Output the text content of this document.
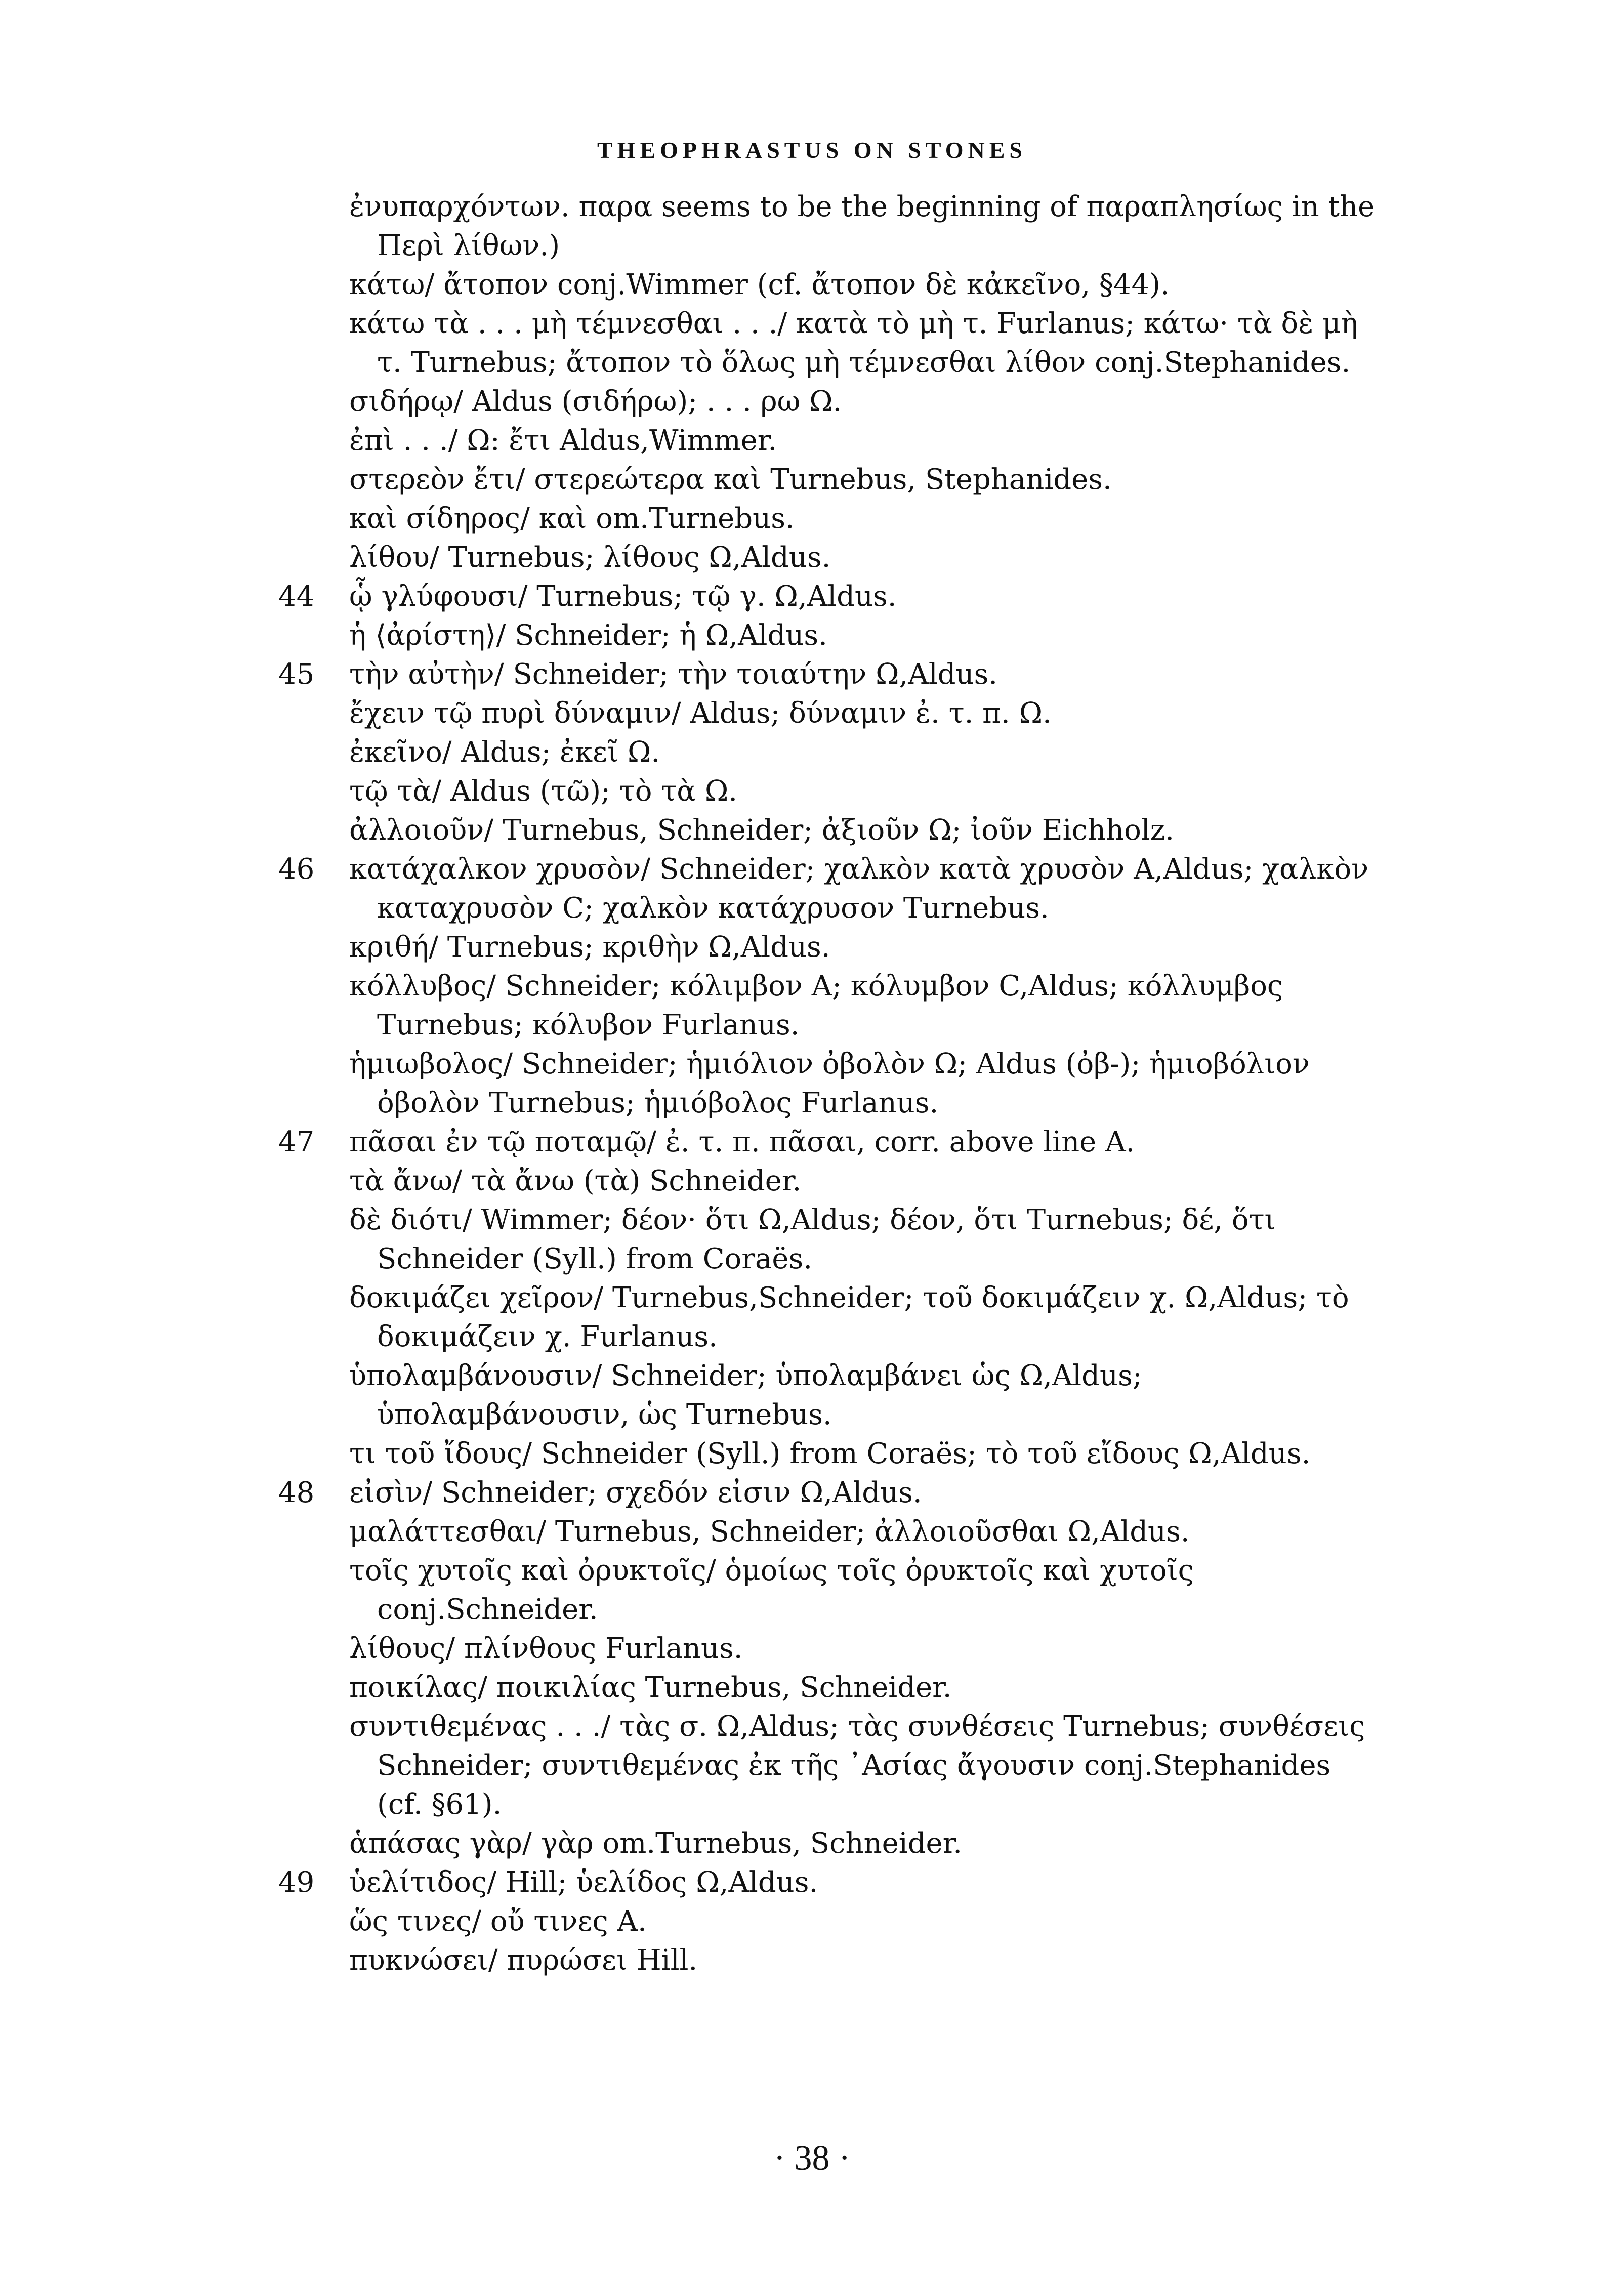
THEOPHRASTUS ON STONES
ἐνυπαρχόντων. παρα seems to be the beginning of παραπλησίως in the Περὶ λίθων.)
κάτω/ ἄτοπον conj.Wimmer (cf. ἄτοπον δὲ κἀκεῖνο, §44).
κάτω τὰ . . . μὴ τέμνεσθαι . . ./ κατὰ τὸ μὴ τ. Furlanus; κάτω· τὰ δὲ μὴ τ. Turnebus; ἄτοπον τὸ ὅλως μὴ τέμνεσθαι λίθον conj.Stephanides.
σιδήρῳ/ Aldus (σιδήρω); . . . ρω Ω.
ἐπὶ . . ./ Ω: ἔτι Aldus,Wimmer.
στερεὸν ἔτι/ στερεώτερα καὶ Turnebus, Stephanides.
καὶ σίδηρος/ καὶ om.Turnebus.
λίθου/ Turnebus; λίθους Ω,Aldus.
44 ᾧ γλύφουσι/ Turnebus; τῷ γ. Ω,Aldus.
ἡ ⟨ἀρίστη⟩/ Schneider; ἡ Ω,Aldus.
45 τὴν αὐτὴν/ Schneider; τὴν τοιαύτην Ω,Aldus.
ἔχειν τῷ πυρὶ δύναμιν/ Aldus; δύναμιν ἐ. τ. π. Ω.
ἐκεῖνο/ Aldus; ἐκεῖ Ω.
τῷ τὰ/ Aldus (τῶ); τὸ τὰ Ω.
ἀλλοιοῦν/ Turnebus, Schneider; ἀξιοῦν Ω; ἰοῦν Eichholz.
46 κατάχαλκον χρυσὸν/ Schneider; χαλκὸν κατὰ χρυσὸν A,Aldus; χαλκὸν καταχρυσὸν C; χαλκὸν κατάχρυσον Turnebus.
κριθή/ Turnebus; κριθὴν Ω,Aldus.
κόλλυβος/ Schneider; κόλιμβον A; κόλυμβον C,Aldus; κόλλυμβος Turnebus; κόλυβον Furlanus.
ἡμιωβολος/ Schneider; ἡμιόλιον ὀβολὸν Ω; Aldus (ὀβ-); ἡμιοβόλιον ὀβολὸν Turnebus; ἡμιόβολος Furlanus.
47 πᾶσαι ἐν τῷ ποταμῷ/ ἐ. τ. π. πᾶσαι, corr. above line A.
τὰ ἄνω/ τὰ ἄνω (τὰ) Schneider.
δὲ διότι/ Wimmer; δέον· ὅτι Ω,Aldus; δέον, ὅτι Turnebus; δέ, ὅτι Schneider (Syll.) from Coraës.
δοκιμάζει χεῖρον/ Turnebus,Schneider; τοῦ δοκιμάζειν χ. Ω,Aldus; τὸ δοκιμάζειν χ. Furlanus.
ὑπολαμβάνουσιν/ Schneider; ὑπολαμβάνει ὡς Ω,Aldus; ὑπολαμβάνουσιν, ὡς Turnebus.
τι τοῦ ἴδους/ Schneider (Syll.) from Coraës; τὸ τοῦ εἴδους Ω,Aldus.
48 εἰσὶν/ Schneider; σχεδόν εἰσιν Ω,Aldus.
μαλάττεσθαι/ Turnebus, Schneider; ἀλλοιοῦσθαι Ω,Aldus.
τοῖς χυτοῖς καὶ ὀρυκτοῖς/ ὁμοίως τοῖς ὀρυκτοῖς καὶ χυτοῖς conj.Schneider.
λίθους/ πλίνθους Furlanus.
ποικίλας/ ποικιλίας Turnebus, Schneider.
συντιθεμένας . . ./ τὰς σ. Ω,Aldus; τὰς συνθέσεις Turnebus; συνθέσεις Schneider; συντιθεμένας ἐκ τῆς ᾽Ασίας ἄγουσιν conj.Stephanides (cf. §61).
ἁπάσας γὰρ/ γὰρ om.Turnebus, Schneider.
49 ὑελίτιδος/ Hill; ὑελίδος Ω,Aldus.
ὥς τινες/ οὔ τινες A.
πυκνώσει/ πυρώσει Hill.
· 38 ·
